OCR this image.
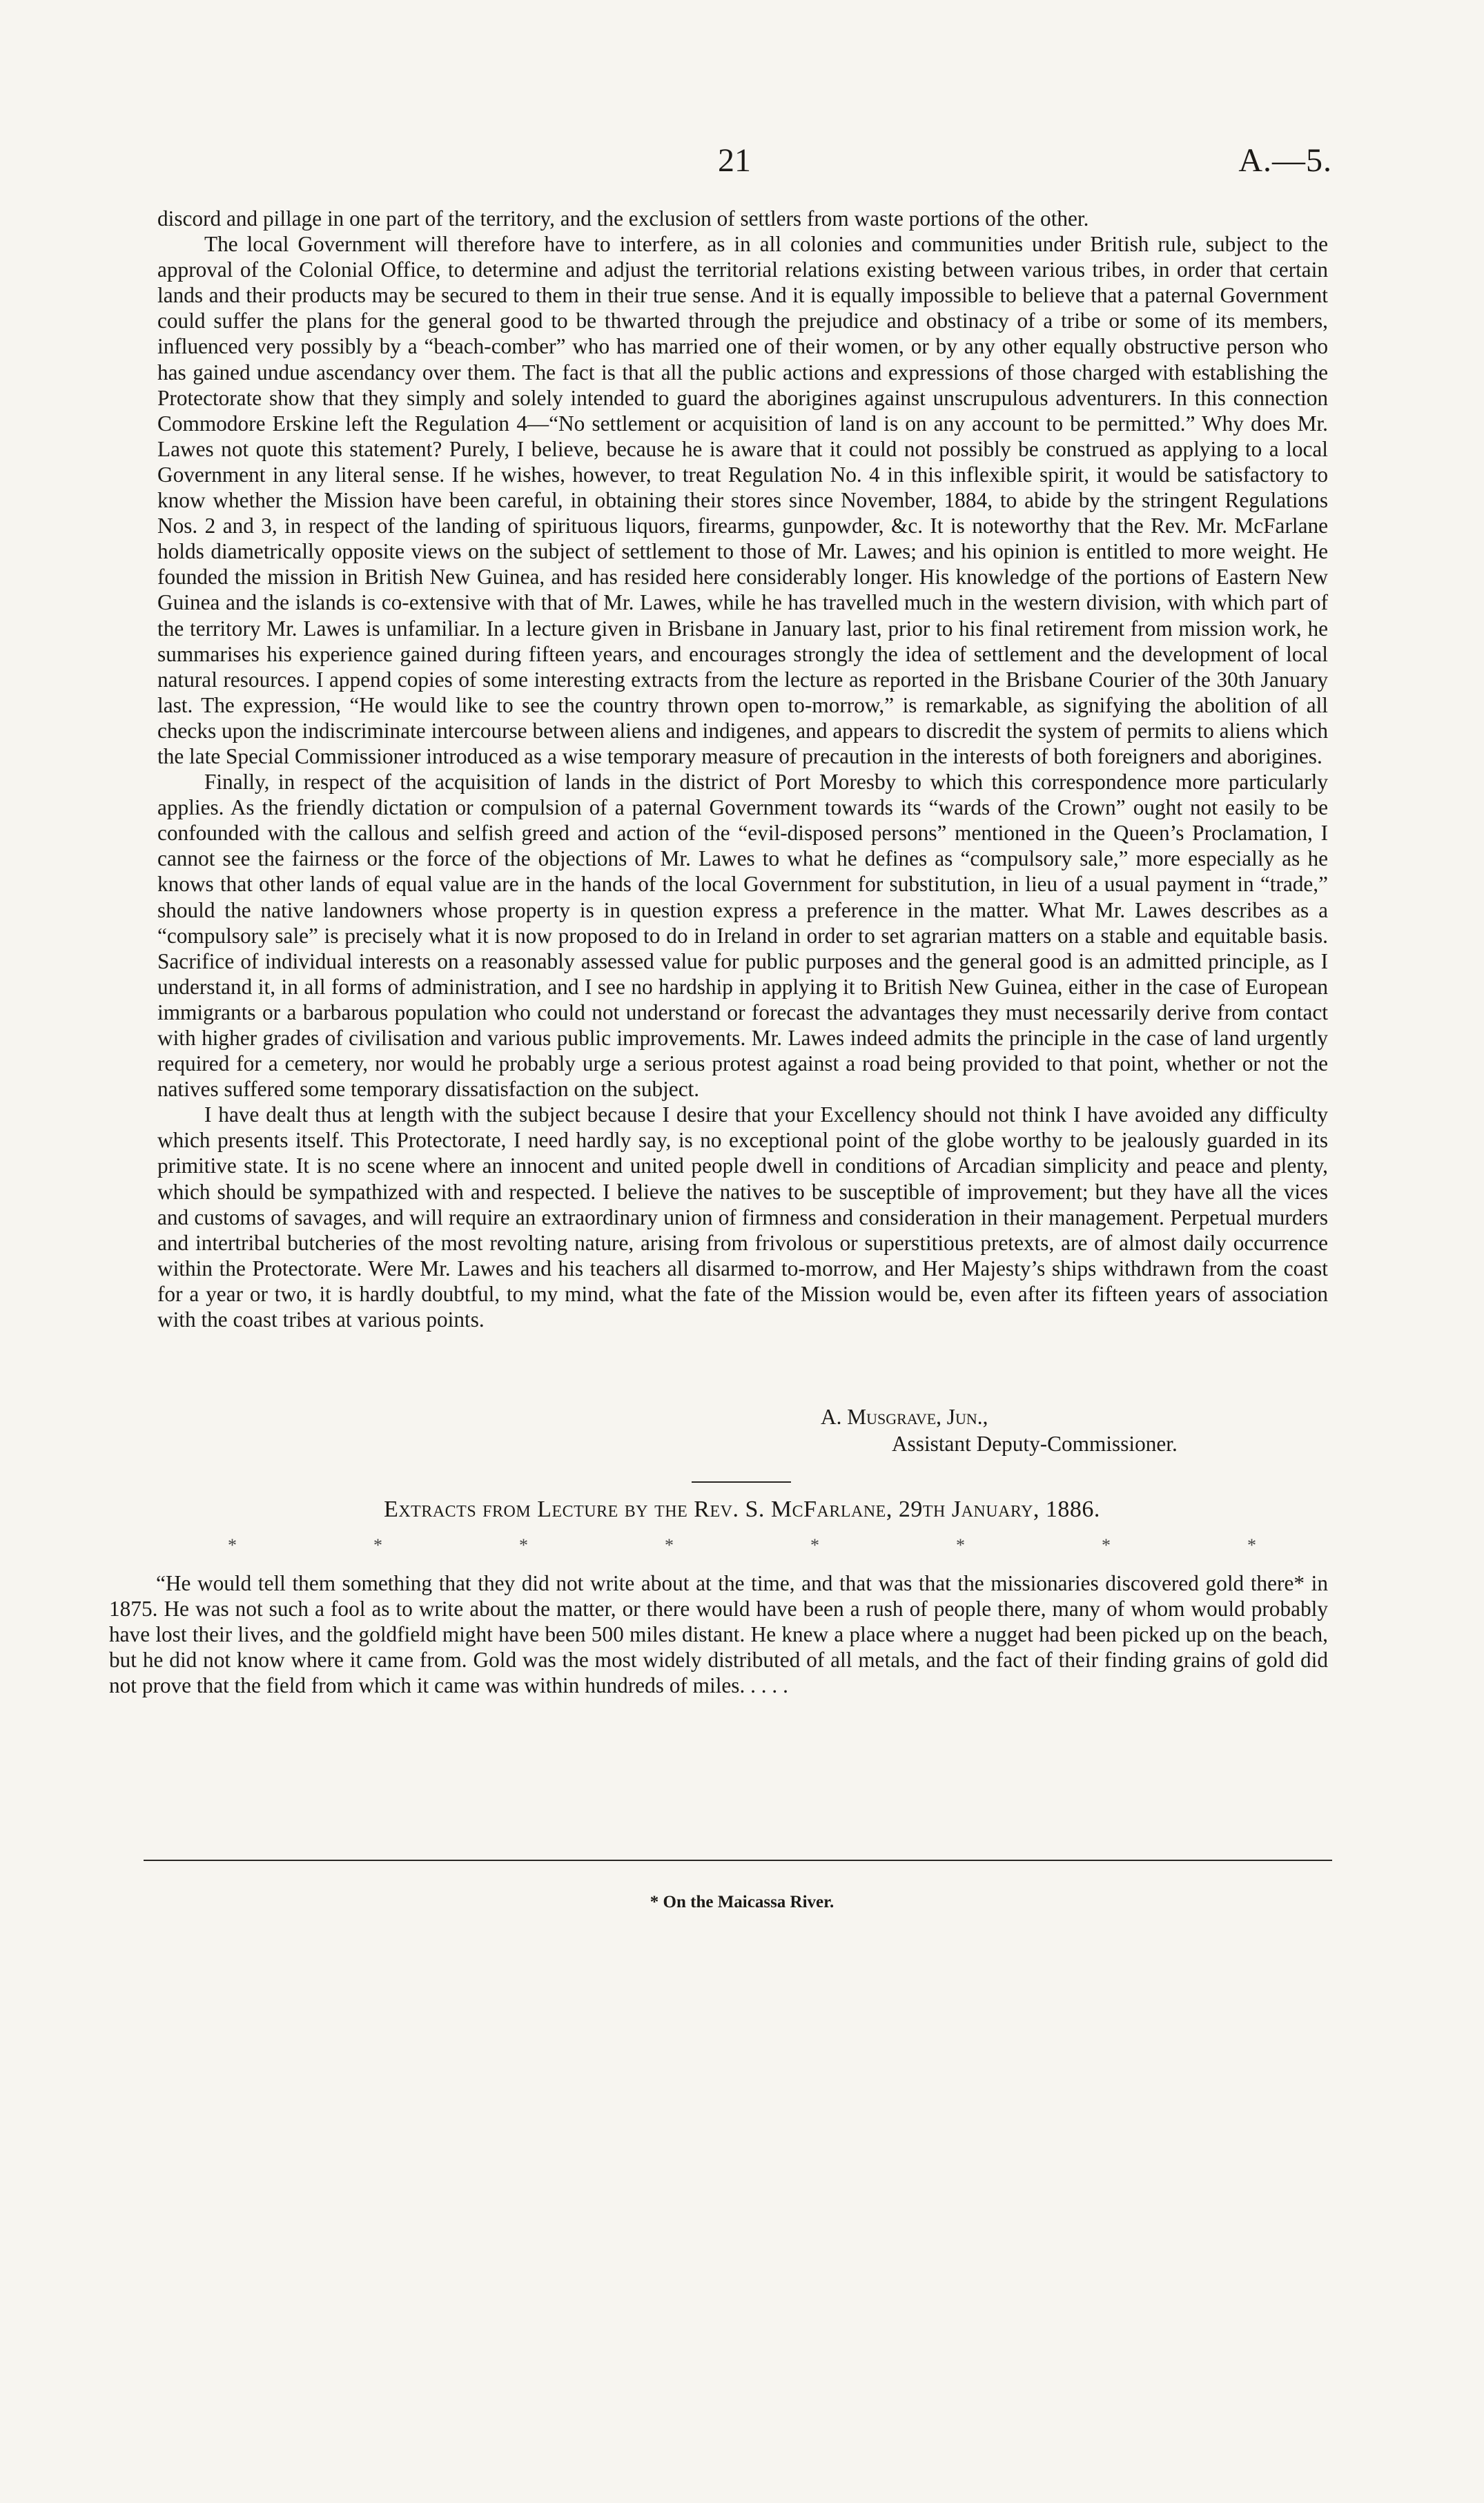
21	A.—5.

discord and pillage in one part of the territory, and the exclusion of settlers from waste portions of the other.

The local Government will therefore have to interfere, as in all colonies and communities under British rule, subject to the approval of the Colonial Office, to determine and adjust the territorial relations existing between various tribes, in order that certain lands and their products may be secured to them in their true sense. And it is equally impossible to believe that a paternal Government could suffer the plans for the general good to be thwarted through the prejudice and obstinacy of a tribe or some of its members, influenced very possibly by a “beach-comber” who has married one of their women, or by any other equally obstructive person who has gained undue ascendancy over them. The fact is that all the public actions and expressions of those charged with establishing the Protectorate show that they simply and solely intended to guard the aborigines against unscrupulous adventurers. In this connection Commodore Erskine left the Regulation 4—“No settlement or acquisition of land is on any account to be permitted.” Why does Mr. Lawes not quote this statement? Purely, I believe, because he is aware that it could not possibly be construed as applying to a local Government in any literal sense. If he wishes, however, to treat Regulation No. 4 in this inflexible spirit, it would be satisfactory to know whether the Mission have been careful, in obtaining their stores since November, 1884, to abide by the stringent Regulations Nos. 2 and 3, in respect of the landing of spirituous liquors, firearms, gunpowder, &c. It is noteworthy that the Rev. Mr. McFarlane holds diametrically opposite views on the subject of settlement to those of Mr. Lawes; and his opinion is entitled to more weight. He founded the mission in British New Guinea, and has resided here considerably longer. His knowledge of the portions of Eastern New Guinea and the islands is co-extensive with that of Mr. Lawes, while he has travelled much in the western division, with which part of the territory Mr. Lawes is unfamiliar. In a lecture given in Brisbane in January last, prior to his final retirement from mission work, he summarises his experience gained during fifteen years, and encourages strongly the idea of settlement and the development of local natural resources. I append copies of some interesting extracts from the lecture as reported in the Brisbane Courier of the 30th January last. The expression, “He would like to see the country thrown open to-morrow,” is remarkable, as signifying the abolition of all checks upon the indiscriminate intercourse between aliens and indigenes, and appears to discredit the system of permits to aliens which the late Special Commissioner introduced as a wise temporary measure of precaution in the interests of both foreigners and aborigines.

Finally, in respect of the acquisition of lands in the district of Port Moresby to which this correspondence more particularly applies. As the friendly dictation or compulsion of a paternal Government towards its “wards of the Crown” ought not easily to be confounded with the callous and selfish greed and action of the “evil-disposed persons” mentioned in the Queen’s Proclamation, I cannot see the fairness or the force of the objections of Mr. Lawes to what he defines as “compulsory sale,” more especially as he knows that other lands of equal value are in the hands of the local Government for substitution, in lieu of a usual payment in “trade,” should the native landowners whose property is in question express a preference in the matter. What Mr. Lawes describes as a “compulsory sale” is precisely what it is now proposed to do in Ireland in order to set agrarian matters on a stable and equitable basis. Sacrifice of individual interests on a reasonably assessed value for public purposes and the general good is an admitted principle, as I understand it, in all forms of administration, and I see no hardship in applying it to British New Guinea, either in the case of European immigrants or a barbarous population who could not understand or forecast the advantages they must necessarily derive from contact with higher grades of civilisation and various public improvements. Mr. Lawes indeed admits the principle in the case of land urgently required for a cemetery, nor would he probably urge a serious protest against a road being provided to that point, whether or not the natives suffered some temporary dissatisfaction on the subject.

I have dealt thus at length with the subject because I desire that your Excellency should not think I have avoided any difficulty which presents itself. This Protectorate, I need hardly say, is no exceptional point of the globe worthy to be jealously guarded in its primitive state. It is no scene where an innocent and united people dwell in conditions of Arcadian simplicity and peace and plenty, which should be sympathized with and respected. I believe the natives to be susceptible of improvement; but they have all the vices and customs of savages, and will require an extraordinary union of firmness and consideration in their management. Perpetual murders and intertribal butcheries of the most revolting nature, arising from frivolous or superstitious pretexts, are of almost daily occurrence within the Protectorate. Were Mr. Lawes and his teachers all disarmed to-morrow, and Her Majesty’s ships withdrawn from the coast for a year or two, it is hardly doubtful, to my mind, what the fate of the Mission would be, even after its fifteen years of association with the coast tribes at various points.

A. Musgrave, Jun.,
Assistant Deputy-Commissioner.
Extracts from Lecture by the Rev. S. McFarlane, 29th January, 1886.
*	*	*	*	*	*	*	*

“He would tell them something that they did not write about at the time, and that was that the missionaries discovered gold there* in 1875. He was not such a fool as to write about the matter, or there would have been a rush of people there, many of whom would probably have lost their lives, and the goldfield might have been 500 miles distant. He knew a place where a nugget had been picked up on the beach, but he did not know where it came from. Gold was the most widely distributed of all metals, and the fact of their finding grains of gold did not prove that the field from which it came was within hundreds of miles. . . . .

* On the Maicassa River.
